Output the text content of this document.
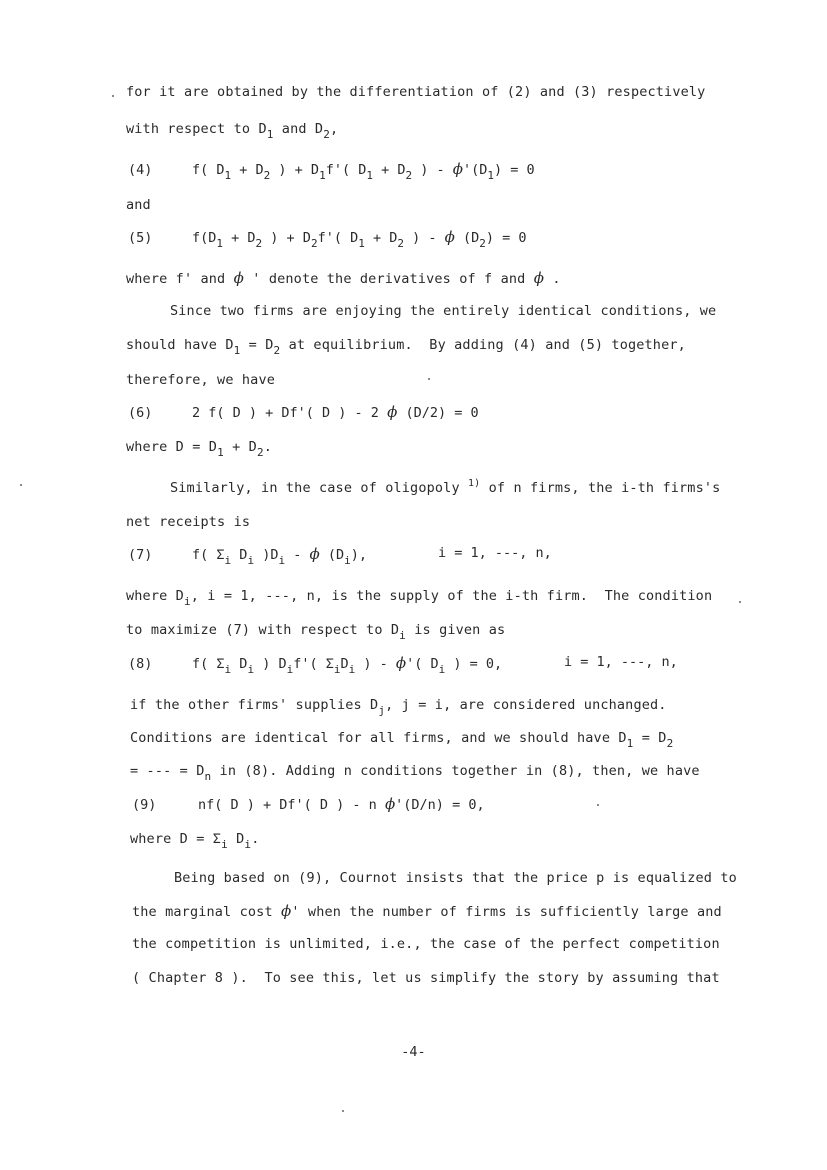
for it are obtained by the differentiation of (2) and (3) respectively
with respect to $D_1$ and $D_2$,
(4)	f( $D_1 + D_2$ ) + $D_1f'$( $D_1 + D_2$ ) - $\phi'(D_1) = 0$
and
(5)	$f(D_1 + D_2$ ) + $D_2f'$( $D_1 + D_2$ ) - ϕ $(D_2) = 0$
where f' and ϕ ' denote the derivatives of f and ϕ .
Since two firms are enjoying the entirely identical conditions, we
should have $D_1 = D_2$ at equilibrium.  By adding (4) and (5) together,
therefore, we have
(6)	2 f( D ) + Df'( D ) - 2 ϕ (D/2) = 0
where $D = D_1 + D_2$.
Similarly, in the case of oligopoly $^{1)}$ of n firms, the i-th firms's
net receipts is
(7)	f( $\Sigma_i$ $D_i$ )$D_i$ - ϕ $(D_i)$,	i = 1, ---, n,
where $D_i$, i = 1, ---, n, is the supply of the i-th firm.  The condition
to maximize (7) with respect to $D_i$ is given as
(8)	f( $\Sigma_i$ $D_i$ ) $D_if'$( $\Sigma_iD_i$ ) - ϕ'( $D_i$ ) = 0,	i = 1, ---, n,
if the other firms' supplies $D_j$, j = i, are considered unchanged.
Conditions are identical for all firms, and we should have $D_1 = D_2$
= --- = $D_n$ in (8). Adding n conditions together in (8), then, we have
(9)	nf( D ) + Df'( D ) - n ϕ'(D/n) = 0,
where $D = \Sigma_i$ $D_i$.
Being based on (9), Cournot insists that the price p is equalized to
the marginal cost ϕ' when the number of firms is sufficiently large and
the competition is unlimited, i.e., the case of the perfect competition
( Chapter 8 ).  To see this, let us simplify the story by assuming that
-4-
